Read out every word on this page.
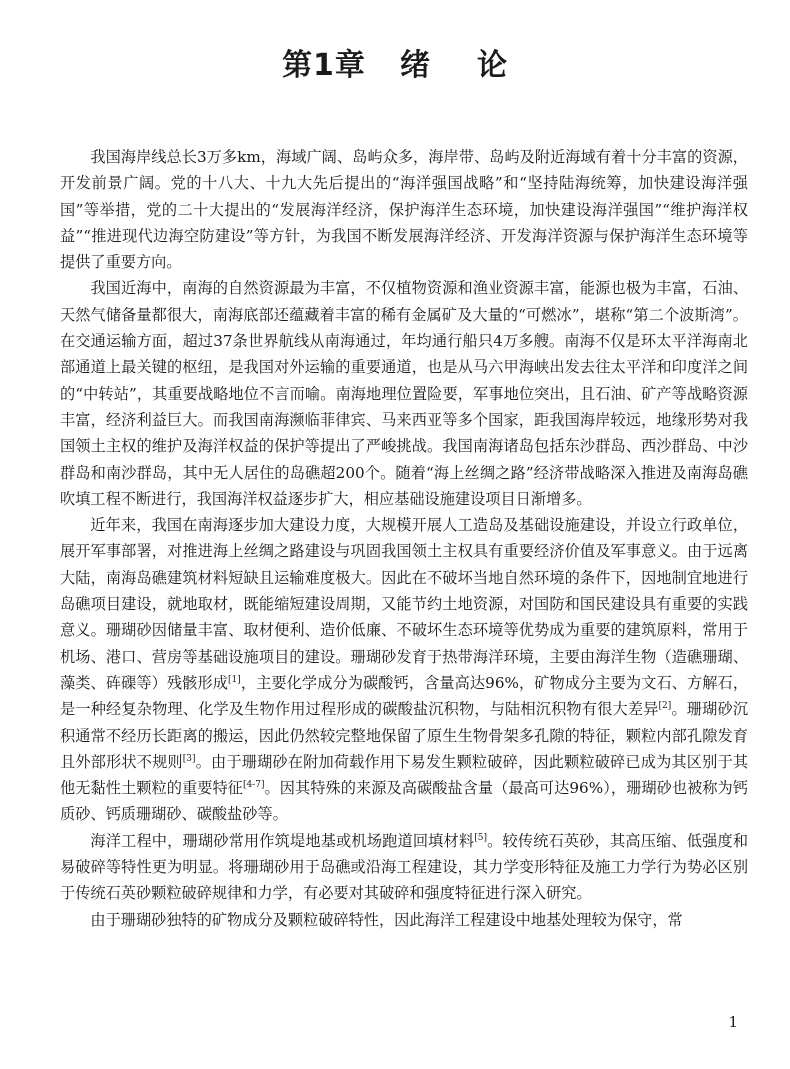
第1章 绪 论

我国海岸线总长3万多km，海域广阔、岛屿众多，海岸带、岛屿及附近海域有着十分丰富的资源，开发前景广阔。党的十八大、十九大先后提出的“海洋强国战略”和“坚持陆海统筹，加快建设海洋强国”等举措，党的二十大提出的“发展海洋经济，保护海洋生态环境，加快建设海洋强国”“维护海洋权益”“推进现代边海空防建设”等方针，为我国不断发展海洋经济、开发海洋资源与保护海洋生态环境等提供了重要方向。

我国近海中，南海的自然资源最为丰富，不仅植物资源和渔业资源丰富，能源也极为丰富，石油、天然气储备量都很大，南海底部还蕴藏着丰富的稀有金属矿及大量的“可燃冰”，堪称“第二个波斯湾”。在交通运输方面，超过37条世界航线从南海通过，年均通行船只4万多艘。南海不仅是环太平洋海南北部通道上最关键的枢纽，是我国对外运输的重要通道，也是从马六甲海峡出发去往太平洋和印度洋之间的“中转站”，其重要战略地位不言而喻。南海地理位置险要，军事地位突出，且石油、矿产等战略资源丰富，经济利益巨大。而我国南海濒临菲律宾、马来西亚等多个国家，距我国海岸较远，地缘形势对我国领土主权的维护及海洋权益的保护等提出了严峻挑战。我国南海诸岛包括东沙群岛、西沙群岛、中沙群岛和南沙群岛，其中无人居住的岛礁超200个。随着“海上丝绸之路”经济带战略深入推进及南海岛礁吹填工程不断进行，我国海洋权益逐步扩大，相应基础设施建设项目日渐增多。

近年来，我国在南海逐步加大建设力度，大规模开展人工造岛及基础设施建设，并设立行政单位，展开军事部署，对推进海上丝绸之路建设与巩固我国领土主权具有重要经济价值及军事意义。由于远离大陆，南海岛礁建筑材料短缺且运输难度极大。因此在不破坏当地自然环境的条件下，因地制宜地进行岛礁项目建设，就地取材，既能缩短建设周期，又能节约土地资源，对国防和国民建设具有重要的实践意义。珊瑚砂因储量丰富、取材便利、造价低廉、不破坏生态环境等优势成为重要的建筑原料，常用于机场、港口、营房等基础设施项目的建设。珊瑚砂发育于热带海洋环境，主要由海洋生物（造礁珊瑚、藻类、砗磲等）残骸形成[1]，主要化学成分为碳酸钙，含量高达96%，矿物成分主要为文石、方解石，是一种经复杂物理、化学及生物作用过程形成的碳酸盐沉积物，与陆相沉积物有很大差异[2]。珊瑚砂沉积通常不经历长距离的搬运，因此仍然较完整地保留了原生生物骨架多孔隙的特征，颗粒内部孔隙发育且外部形状不规则[3]。由于珊瑚砂在附加荷载作用下易发生颗粒破碎，因此颗粒破碎已成为其区别于其他无黏性土颗粒的重要特征[4-7]。因其特殊的来源及高碳酸盐含量（最高可达96%），珊瑚砂也被称为钙质砂、钙质珊瑚砂、碳酸盐砂等。

海洋工程中，珊瑚砂常用作筑堤地基或机场跑道回填材料[5]。较传统石英砂，其高压缩、低强度和易破碎等特性更为明显。将珊瑚砂用于岛礁或沿海工程建设，其力学变形特征及施工力学行为势必区别于传统石英砂颗粒破碎规律和力学，有必要对其破碎和强度特征进行深入研究。

由于珊瑚砂独特的矿物成分及颗粒破碎特性，因此海洋工程建设中地基处理较为保守，常

1
